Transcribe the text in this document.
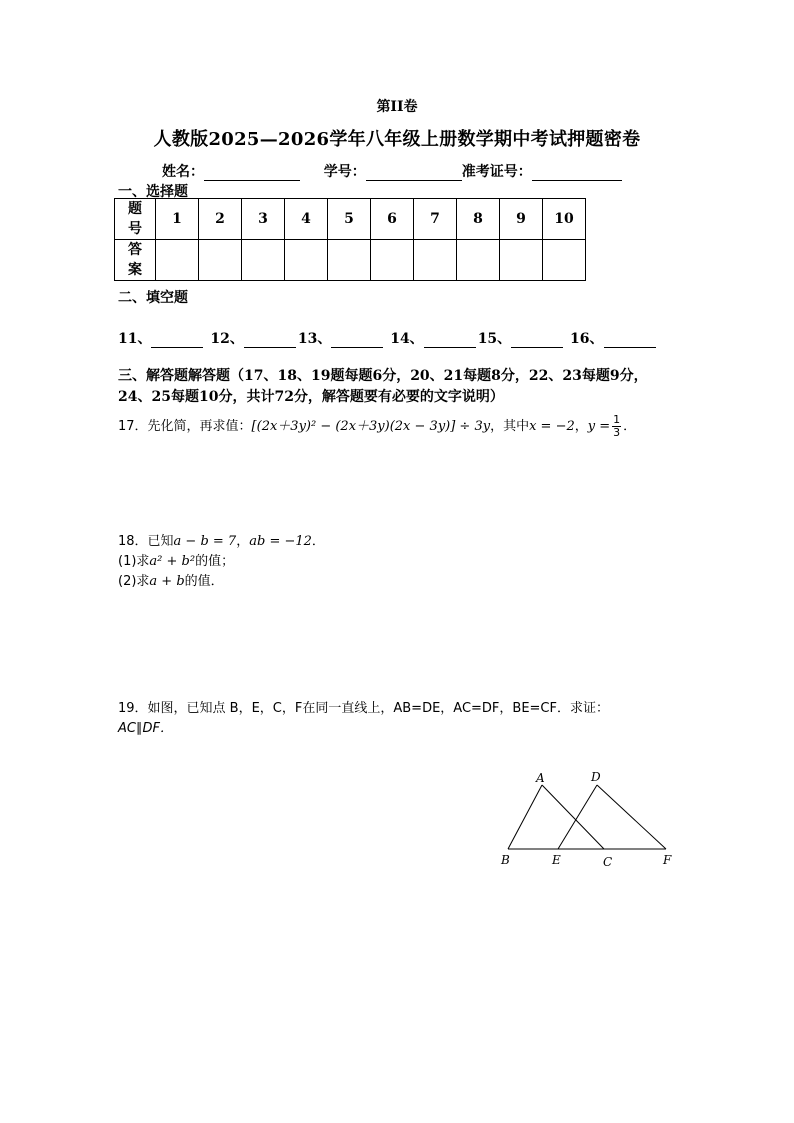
第II卷
人教版2025—2026学年八年级上册数学期中考试押题密卷
姓名：	学号：	准考证号：
一、选择题
题号	1	2	3	4	5	6	7	8	9	10
答案										
二、填空题
11、	12、	13、	14、	15、	16、
三、解答题解答题（17、18、19题每题6分，20、21每题8分，22、23每题9分，24、25每题10分，共计72分，解答题要有必要的文字说明）
17．先化简，再求值：[(2x＋3y)² − (2x＋3y)(2x − 3y)] ÷ 3y，其中x = −2，$y = \frac{1}{3}$ ．
18．已知a − b = 7，ab = −12．
(1)求a² + b²的值；
(2)求a + b的值．
19．如图，已知点 B，E，C，F在同一直线上，AB=DE，AC=DF，BE=CF．求证：
AC∥DF．
A	D
B	E	C	F
